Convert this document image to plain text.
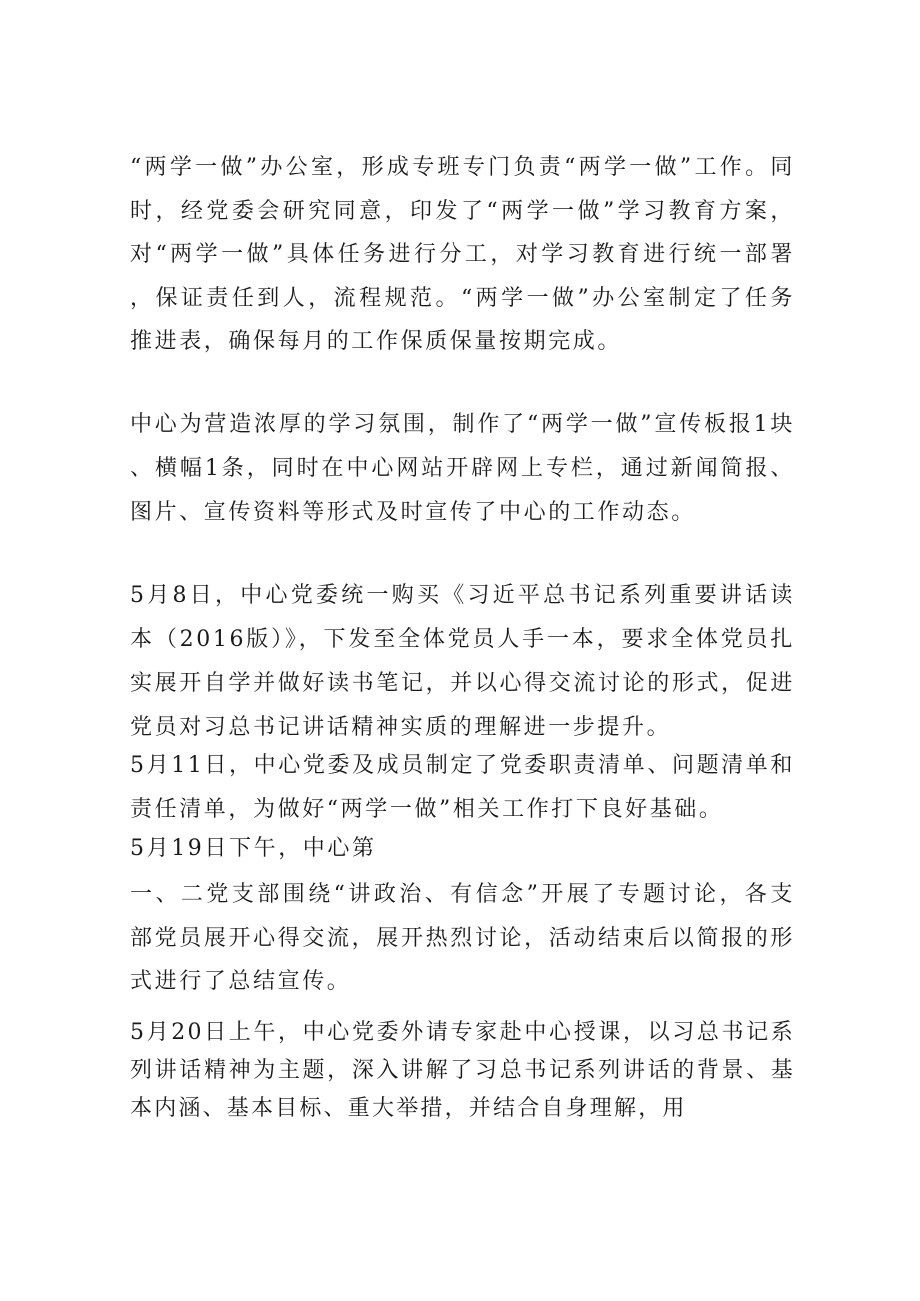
“两学一做”办公室，形成专班专门负责“两学一做”工作。同时，经党委会研究同意，印发了“两学一做”学习教育方案，对“两学一做”具体任务进行分工，对学习教育进行统一部署，保证责任到人，流程规范。“两学一做”办公室制定了任务推进表，确保每月的工作保质保量按期完成。

中心为营造浓厚的学习氛围，制作了“两学一做”宣传板报1块、横幅1条，同时在中心网站开辟网上专栏，通过新闻简报、图片、宣传资料等形式及时宣传了中心的工作动态。

5月8日，中心党委统一购买《习近平总书记系列重要讲话读本（2016版）》，下发至全体党员人手一本，要求全体党员扎实展开自学并做好读书笔记，并以心得交流讨论的形式，促进党员对习总书记讲话精神实质的理解进一步提升。

5月11日，中心党委及成员制定了党委职责清单、问题清单和责任清单，为做好“两学一做”相关工作打下良好基础。

5月19日下午，中心第

一、二党支部围绕“讲政治、有信念”开展了专题讨论，各支部党员展开心得交流，展开热烈讨论，活动结束后以简报的形式进行了总结宣传。

5月20日上午，中心党委外请专家赴中心授课，以习总书记系列讲话精神为主题，深入讲解了习总书记系列讲话的背景、基本内涵、基本目标、重大举措，并结合自身理解，用
